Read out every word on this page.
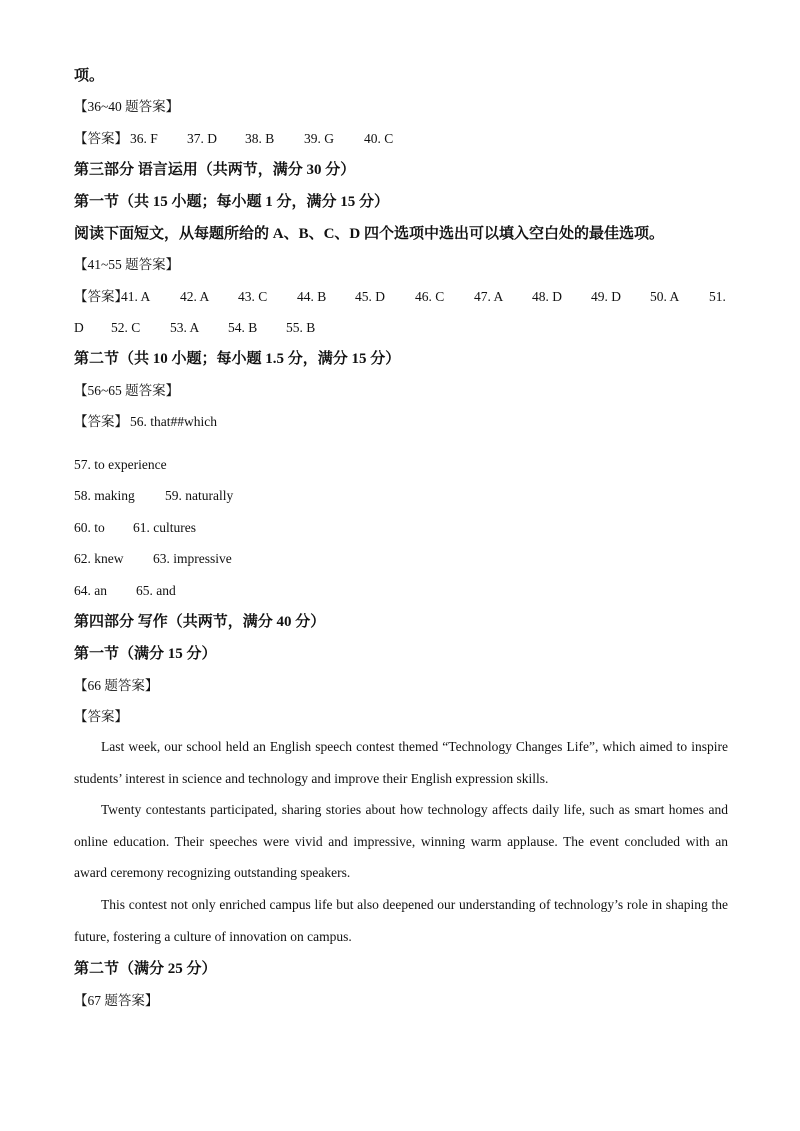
项。
【36~40 题答案】
【答案】 36. F 37. D 38. B 39. G 40. C
第三部分 语言运用（共两节，满分 30 分）
第一节（共 15 小题；每小题 1 分，满分 15 分）
阅读下面短文，从每题所给的 A、B、C、D 四个选项中选出可以填入空白处的最佳选项。
【41~55 题答案】
【答案】
41. A 42. A 43. C 44. B 45. D 46. C 47. A 48. D 49. D 50. A 51.
D 52. C 53. A 54. B 55. B
第二节（共 10 小题；每小题 1.5 分，满分 15 分）
【56~65 题答案】
【答案】 56. that##which
57. to experience
58. making 59. naturally
60. to 61. cultures
62. knew 63. impressive
64. an 65. and
第四部分 写作（共两节，满分 40 分）
第一节（满分 15 分）
【66 题答案】
【答案】

Last week, our school held an English speech contest themed “Technology Changes Life”, which aimed to inspire students’ interest in science and technology and improve their English expression skills.

Twenty contestants participated, sharing stories about how technology affects daily life, such as smart homes and online education. Their speeches were vivid and impressive, winning warm applause. The event concluded with an award ceremony recognizing outstanding speakers.

This contest not only enriched campus life but also deepened our understanding of technology’s role in shaping the future, fostering a culture of innovation on campus.

第二节（满分 25 分）
【67 题答案】
